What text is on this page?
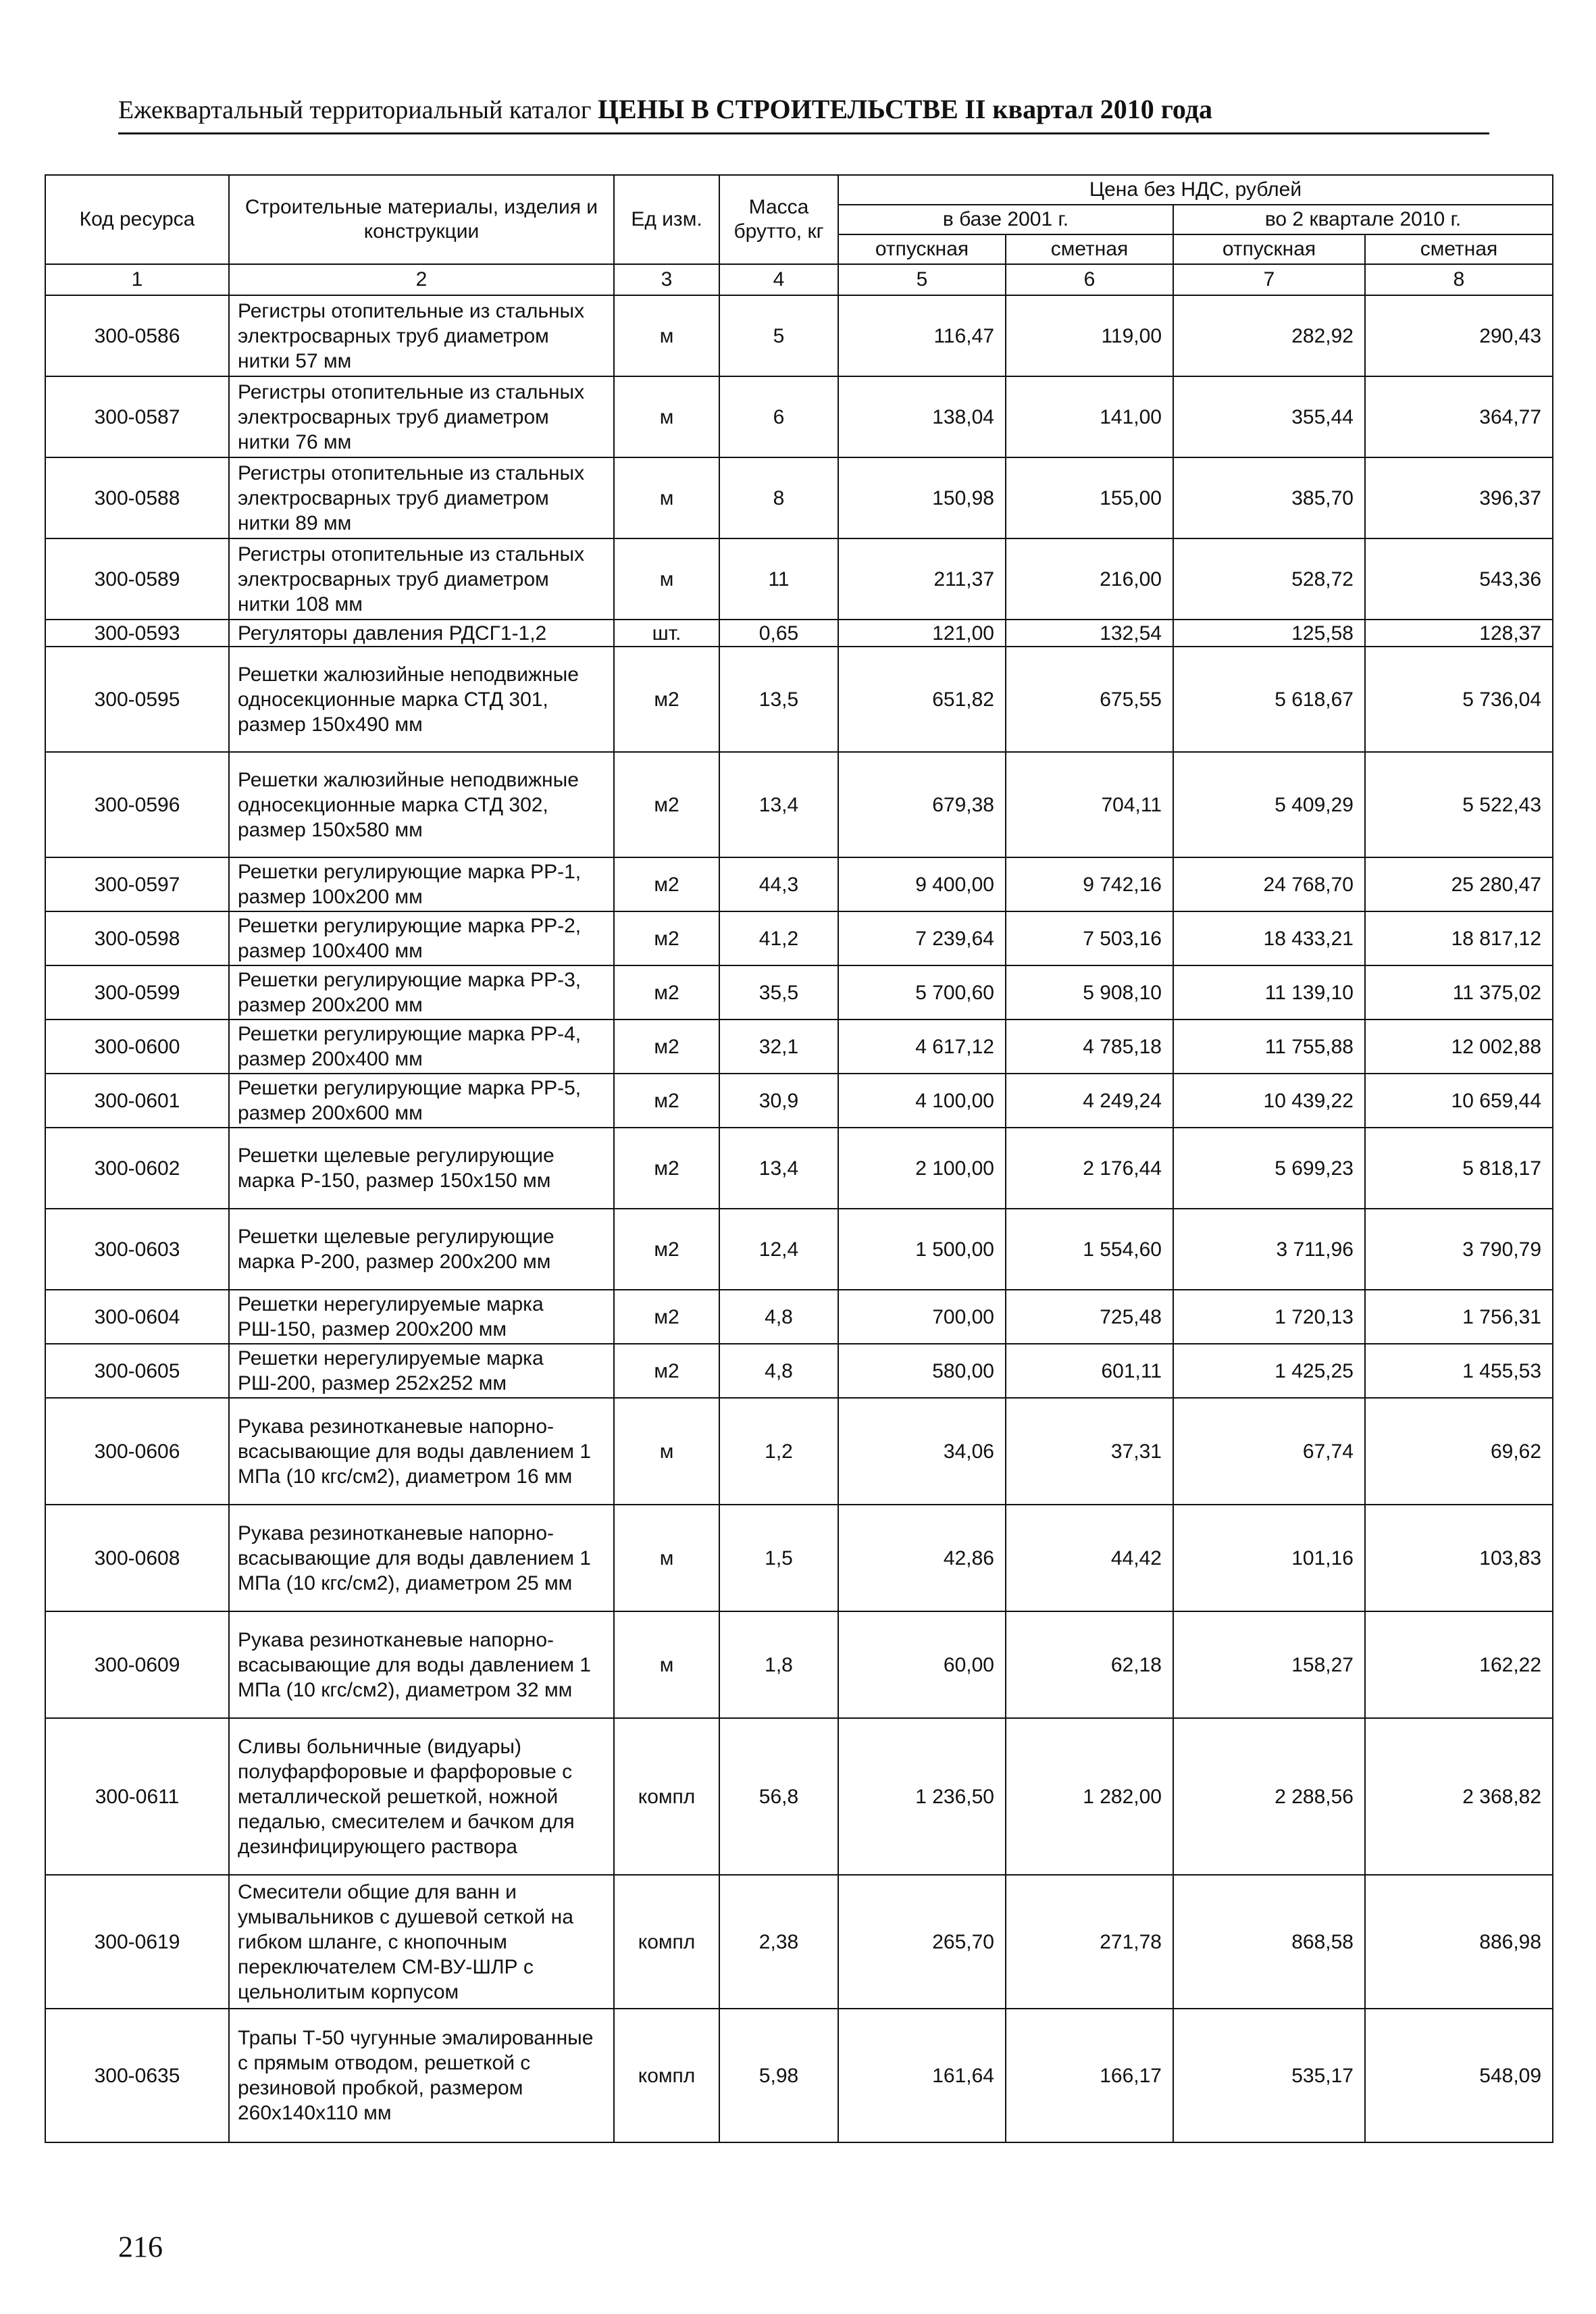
Ежеквартальный территориальный каталог ЦЕНЫ В СТРОИТЕЛЬСТВЕ II квартал 2010 года
Код ресурса	Строительные материалы, изделия и конструкции	Ед изм.	Масса брутто, кг	Цена без НДС, рублей			
				в базе 2001 г.		во 2 квартале 2010 г.	
				отпускная	сметная	отпускная	сметная
1	2	3	4	5	6	7	8
300-0586	Регистры отопительные из стальных электросварных труб диаметром нитки 57 мм	м	5	116,47	119,00	282,92	290,43
300-0587	Регистры отопительные из стальных электросварных труб диаметром нитки 76 мм	м	6	138,04	141,00	355,44	364,77
300-0588	Регистры отопительные из стальных электросварных труб диаметром нитки 89 мм	м	8	150,98	155,00	385,70	396,37
300-0589	Регистры отопительные из стальных электросварных труб диаметром нитки 108 мм	м	11	211,37	216,00	528,72	543,36
300-0593	Регуляторы давления РДСГ1-1,2	шт.	0,65	121,00	132,54	125,58	128,37
300-0595	Решетки жалюзийные неподвижные односекционные марка СТД 301, размер 150х490 мм	м2	13,5	651,82	675,55	5 618,67	5 736,04
300-0596	Решетки жалюзийные неподвижные односекционные марка СТД 302, размер 150х580 мм	м2	13,4	679,38	704,11	5 409,29	5 522,43
300-0597	Решетки регулирующие марка РР-1, размер 100х200 мм	м2	44,3	9 400,00	9 742,16	24 768,70	25 280,47
300-0598	Решетки регулирующие марка РР-2, размер 100х400 мм	м2	41,2	7 239,64	7 503,16	18 433,21	18 817,12
300-0599	Решетки регулирующие марка РР-3, размер 200х200 мм	м2	35,5	5 700,60	5 908,10	11 139,10	11 375,02
300-0600	Решетки регулирующие марка РР-4, размер 200х400 мм	м2	32,1	4 617,12	4 785,18	11 755,88	12 002,88
300-0601	Решетки регулирующие марка РР-5, размер 200х600 мм	м2	30,9	4 100,00	4 249,24	10 439,22	10 659,44
300-0602	Решетки щелевые регулирующие марка Р-150, размер 150х150 мм	м2	13,4	2 100,00	2 176,44	5 699,23	5 818,17
300-0603	Решетки щелевые регулирующие марка Р-200, размер 200х200 мм	м2	12,4	1 500,00	1 554,60	3 711,96	3 790,79
300-0604	Решетки нерегулируемые марка РШ-150, размер 200х200 мм	м2	4,8	700,00	725,48	1 720,13	1 756,31
300-0605	Решетки нерегулируемые марка РШ-200, размер 252х252 мм	м2	4,8	580,00	601,11	1 425,25	1 455,53
300-0606	Рукава резинотканевые напорно-всасывающие для воды давлением 1 МПа (10 кгс/см2), диаметром 16 мм	м	1,2	34,06	37,31	67,74	69,62
300-0608	Рукава резинотканевые напорно-всасывающие для воды давлением 1 МПа (10 кгс/см2), диаметром 25 мм	м	1,5	42,86	44,42	101,16	103,83
300-0609	Рукава резинотканевые напорно-всасывающие для воды давлением 1 МПа (10 кгс/см2), диаметром 32 мм	м	1,8	60,00	62,18	158,27	162,22
300-0611	Сливы больничные (видуары) полуфарфоровые и фарфоровые с металлической решеткой, ножной педалью, смесителем и бачком для дезинфицирующего раствора	компл	56,8	1 236,50	1 282,00	2 288,56	2 368,82
300-0619	Смесители общие для ванн и умывальников с душевой сеткой на гибком шланге, с кнопочным переключателем СМ-ВУ-ШЛР с цельнолитым корпусом	компл	2,38	265,70	271,78	868,58	886,98
300-0635	Трапы Т-50 чугунные эмалированные с прямым отводом, решеткой с резиновой пробкой, размером 260х140х110 мм	компл	5,98	161,64	166,17	535,17	548,09
216
